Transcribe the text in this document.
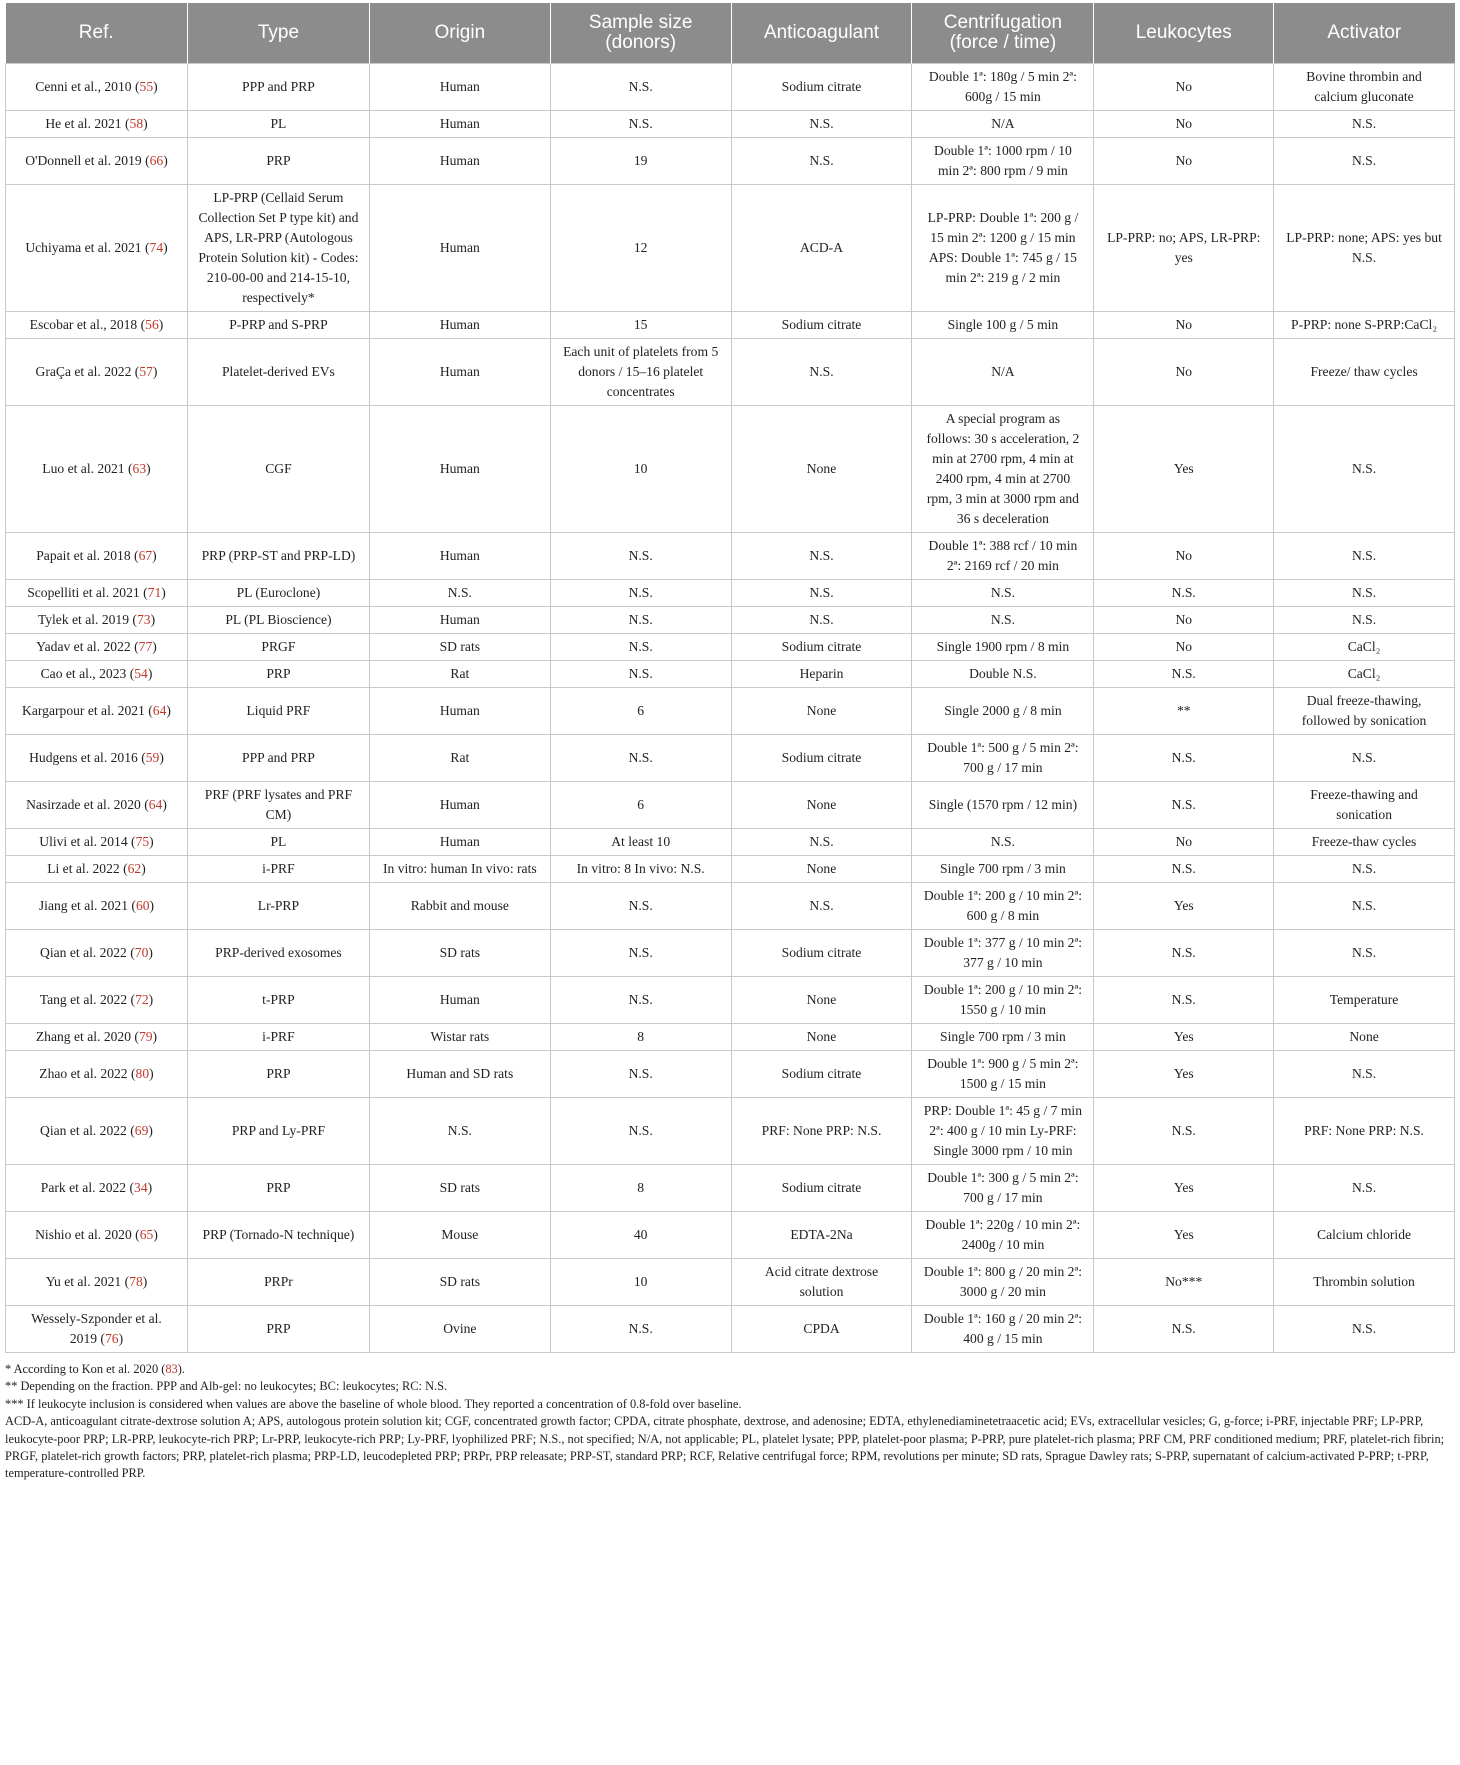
Ref.	Type	Origin	Sample size (donors)	Anticoagulant	Centrifugation (force / time)	Leukocytes	Activator
Cenni et al., 2010 (55)	PPP and PRP	Human	N.S.	Sodium citrate	Double 1ª: 180g / 5 min 2ª: 600g / 15 min	No	Bovine thrombin and calcium gluconate
He et al. 2021 (58)	PL	Human	N.S.	N.S.	N/A	No	N.S.
O'Donnell et al. 2019 (66)	PRP	Human	19	N.S.	Double 1ª: 1000 rpm / 10 min 2ª: 800 rpm / 9 min	No	N.S.
Uchiyama et al. 2021 (74)	LP-PRP (Cellaid Serum Collection Set P type kit) and APS, LR-PRP (Autologous Protein Solution kit) - Codes: 210-00-00 and 214-15-10, respectively*	Human	12	ACD-A	LP-PRP: Double 1ª: 200 g / 15 min 2ª: 1200 g / 15 min APS: Double 1ª: 745 g / 15 min 2ª: 219 g / 2 min	LP-PRP: no; APS, LR-PRP: yes	LP-PRP: none; APS: yes but N.S.
Escobar et al., 2018 (56)	P-PRP and S-PRP	Human	15	Sodium citrate	Single 100 g / 5 min	No	P-PRP: none S-PRP:CaCl₂
GraÇa et al. 2022 (57)	Platelet-derived EVs	Human	Each unit of platelets from 5 donors / 15–16 platelet concentrates	N.S.	N/A	No	Freeze/ thaw cycles
Luo et al. 2021 (63)	CGF	Human	10	None	A special program as follows: 30 s acceleration, 2 min at 2700 rpm, 4 min at 2400 rpm, 4 min at 2700 rpm, 3 min at 3000 rpm and 36 s deceleration	Yes	N.S.
Papait et al. 2018 (67)	PRP (PRP-ST and PRP-LD)	Human	N.S.	N.S.	Double 1ª: 388 rcf / 10 min 2ª: 2169 rcf / 20 min	No	N.S.
Scopelliti et al. 2021 (71)	PL (Euroclone)	N.S.	N.S.	N.S.	N.S.	N.S.	N.S.
Tylek et al. 2019 (73)	PL (PL Bioscience)	Human	N.S.	N.S.	N.S.	No	N.S.
Yadav et al. 2022 (77)	PRGF	SD rats	N.S.	Sodium citrate	Single 1900 rpm / 8 min	No	CaCl₂
Cao et al., 2023 (54)	PRP	Rat	N.S.	Heparin	Double N.S.	N.S.	CaCl₂
Kargarpour et al. 2021 (64)	Liquid PRF	Human	6	None	Single 2000 g / 8 min	**	Dual freeze-thawing, followed by sonication
Hudgens et al. 2016 (59)	PPP and PRP	Rat	N.S.	Sodium citrate	Double 1ª: 500 g / 5 min 2ª: 700 g / 17 min	N.S.	N.S.
Nasirzade et al. 2020 (64)	PRF (PRF lysates and PRF CM)	Human	6	None	Single (1570 rpm / 12 min)	N.S.	Freeze-thawing and sonication
Ulivi et al. 2014 (75)	PL	Human	At least 10	N.S.	N.S.	No	Freeze-thaw cycles
Li et al. 2022 (62)	i-PRF	In vitro: human In vivo: rats	In vitro: 8 In vivo: N.S.	None	Single 700 rpm / 3 min	N.S.	N.S.
Jiang et al. 2021 (60)	Lr-PRP	Rabbit and mouse	N.S.	N.S.	Double 1ª: 200 g / 10 min 2ª: 600 g / 8 min	Yes	N.S.
Qian et al. 2022 (70)	PRP-derived exosomes	SD rats	N.S.	Sodium citrate	Double 1ª: 377 g / 10 min 2ª: 377 g / 10 min	N.S.	N.S.
Tang et al. 2022 (72)	t-PRP	Human	N.S.	None	Double 1ª: 200 g / 10 min 2ª: 1550 g / 10 min	N.S.	Temperature
Zhang et al. 2020 (79)	i-PRF	Wistar rats	8	None	Single 700 rpm / 3 min	Yes	None
Zhao et al. 2022 (80)	PRP	Human and SD rats	N.S.	Sodium citrate	Double 1ª: 900 g / 5 min 2ª: 1500 g / 15 min	Yes	N.S.
Qian et al. 2022 (69)	PRP and Ly-PRF	N.S.	N.S.	PRF: None PRP: N.S.	PRP: Double 1ª: 45 g / 7 min 2ª: 400 g / 10 min Ly-PRF: Single 3000 rpm / 10 min	N.S.	PRF: None PRP: N.S.
Park et al. 2022 (34)	PRP	SD rats	8	Sodium citrate	Double 1ª: 300 g / 5 min 2ª: 700 g / 17 min	Yes	N.S.
Nishio et al. 2020 (65)	PRP (Tornado-N technique)	Mouse	40	EDTA-2Na	Double 1ª: 220g / 10 min 2ª: 2400g / 10 min	Yes	Calcium chloride
Yu et al. 2021 (78)	PRPr	SD rats	10	Acid citrate dextrose solution	Double 1ª: 800 g / 20 min 2ª: 3000 g / 20 min	No***	Thrombin solution
Wessely-Szponder et al. 2019 (76)	PRP	Ovine	N.S.	CPDA	Double 1ª: 160 g / 20 min 2ª: 400 g / 15 min	N.S.	N.S.

* According to Kon et al. 2020 (83).

** Depending on the fraction. PPP and Alb-gel: no leukocytes; BC: leukocytes; RC: N.S.

*** If leukocyte inclusion is considered when values are above the baseline of whole blood. They reported a concentration of 0.8-fold over baseline.

ACD-A, anticoagulant citrate-dextrose solution A; APS, autologous protein solution kit; CGF, concentrated growth factor; CPDA, citrate phosphate, dextrose, and adenosine; EDTA, ethylenediaminetetraacetic acid; EVs, extracellular vesicles; G, g-force; i-PRF, injectable PRF; LP-PRP, leukocyte-poor PRP; LR-PRP, leukocyte-rich PRP; Lr-PRP, leukocyte-rich PRP; Ly-PRF, lyophilized PRF; N.S., not specified; N/A, not applicable; PL, platelet lysate; PPP, platelet-poor plasma; P-PRP, pure platelet-rich plasma; PRF CM, PRF conditioned medium; PRF, platelet-rich fibrin; PRGF, platelet-rich growth factors; PRP, platelet-rich plasma; PRP-LD, leucodepleted PRP; PRPr, PRP releasate; PRP-ST, standard PRP; RCF, Relative centrifugal force; RPM, revolutions per minute; SD rats, Sprague Dawley rats; S-PRP, supernatant of calcium-activated P-PRP; t-PRP, temperature-controlled PRP.
